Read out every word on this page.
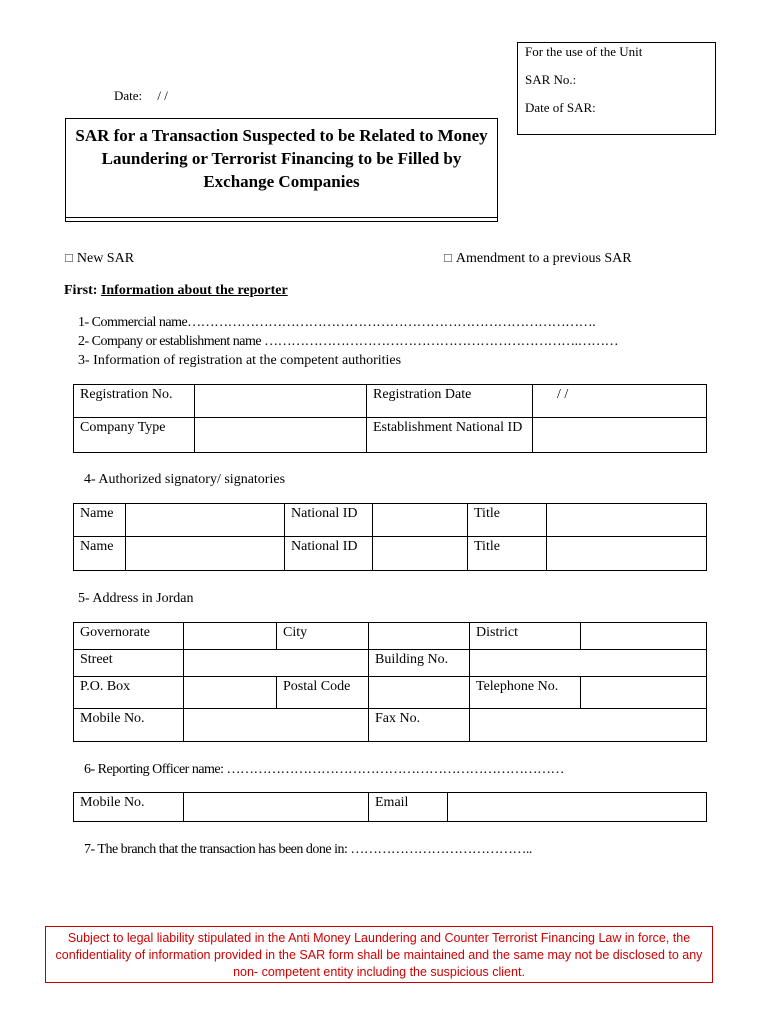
For the use of the Unit
SAR No.:
Date of SAR:
Date: / /
SAR for a Transaction Suspected to be Related to Money Laundering or Terrorist Financing to be Filled by Exchange Companies
☐ New SAR	☐ Amendment to a previous SAR
First: Information about the reporter
1- Commercial name……………………………………………………………………………….
2- Company or establishment name …………………………………………………………….………
3- Information of registration at the competent authorities
Registration No.		Registration Date	/ /
Company Type		Establishment National ID	
4- Authorized signatory/ signatories
Name		National ID		Title	
Name		National ID		Title	
5- Address in Jordan
Governorate		City		District	
Street			Building No.		
P.O. Box		Postal Code		Telephone No.	
Mobile No.			Fax No.		
6- Reporting Officer name: …………………………………………………………………
Mobile No.		Email	
7- The branch that the transaction has been done in: …………………………………..
Subject to legal liability stipulated in the Anti Money Laundering and Counter Terrorist Financing Law in force, the confidentiality of information provided in the SAR form shall be maintained and the same may not be disclosed to any non- competent entity including the suspicious client.
